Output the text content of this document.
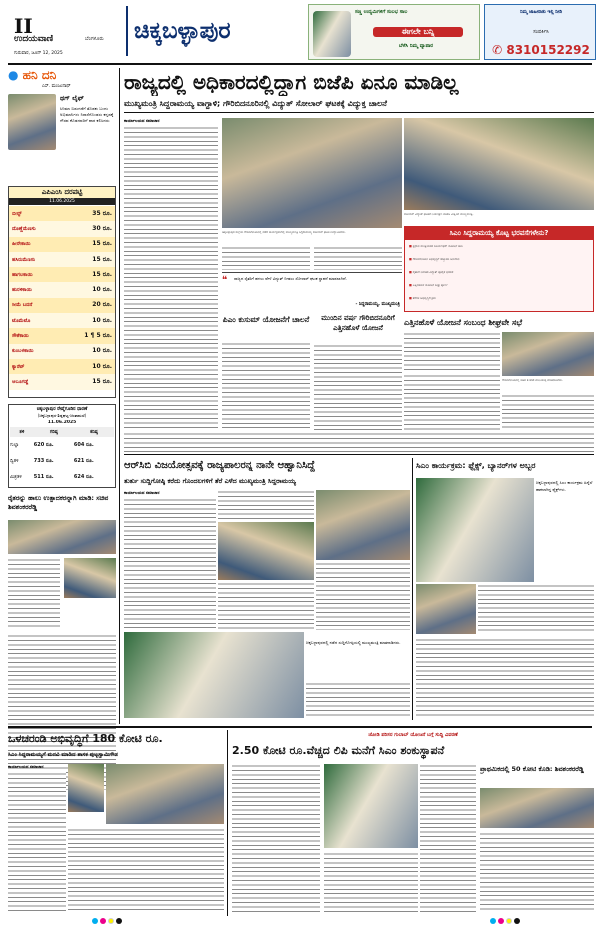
II
ಉದಯವಾಣಿ	ಬೆಂಗಳೂರು
ಗುರುವಾರ, ಜೂನ್ 12, 2025
ಚಿಕ್ಕಬಳ್ಳಾಪುರ
ಸಣ್ಣ ಉದ್ಯಮಿಗಳಿಗೆ ಸುಲಭ ಸಾಲ
ಈಗಲೇ ಬನ್ನಿ
ಬೆಳೆಸಿ ನಿಮ್ಮ ವ್ಯಾಪಾರ
ನಿಮ್ಮ ಜಾಹೀರಾತು ಇಲ್ಲಿ ನೀಡಿ
ಸಂಪರ್ಕಿಸಿ
✆ 8310152292
● ಹನಿ ದನಿ
ಎಸ್. ಮಂಜುನಾಥ್
ಥಗ್ ಲೈಫ್
ಸಿನಿಮಾ ಬಿಡುಗಡೆಗೆ ತೊಡಕು ಬಂದು ಅಭಿಮಾನಿಗಳು ನಿರಾಸೆಗೊಂಡರು ಕನ್ನಡಕ್ಕೆ ಗೌರವ ಕೊಡದವರಿಗೆ ಪಾಠ ಕಲಿಸಿದರು
ಎಪಿಎಂಸಿ ದರಪಟ್ಟಿ
11.06.2025
ಬೀನ್ಸ್	35 ರೂ.
ದೊಣ್ಣೆಮೆಣಸು	30 ರೂ.
ಹೀರೇಕಾಯಿ	15 ರೂ.
ಹಸಿರುಮೆಣಸು	15 ರೂ.
ಹಾಗಲಕಾಯಿ	15 ರೂ.
ಹುರಳಿಕಾಯಿ	10 ರೂ.
ಸೀಮೆ ಬದನೆ	20 ರೂ.
ಟೊಮೆಟೊ	10 ರೂ.
ಸೌತೆಕಾಯಿ	1 ¶ 5 ರೂ.
ಕುಂಬಳಕಾಯಿ	10 ರೂ.
ಕ್ಯಾರೆಟ್	10 ರೂ.
ಆಲೂಗಡ್ಡೆ	15 ರೂ.
ಚಿಕ್ಕಬಳ್ಳಾಪುರ ರೇಷ್ಮೆಗೂಡಿನ ಧಾರಣೆ
(ಚಿಕ್ಕಬಳ್ಳಾಪುರ-ಶಿಡ್ಲಘಟ್ಟ-ಚಿಂತಾಮಣಿ)
11.06.2025
ತಳಿ	ಗರಿಷ್ಠ	ಕನಿಷ್ಠ
ಗುಲ್ಲಾ	620 ರೂ.	604 ರೂ.
ದ್ವಿತಳಿ	733 ರೂ.	621 ರೂ.
ಮಿಶ್ರತಳಿ	511 ರೂ.	624 ರೂ.
ರೈತರನ್ನು ಹಾಲು ಉತ್ಪಾದಕರನ್ನಾಗಿ ಮಾಡಿ: ಸಚಿವ ಶಿವಶಂಕರರೆಡ್ಡಿ
ರಾಜ್ಯದಲ್ಲಿ ಅಧಿಕಾರದಲ್ಲಿದ್ದಾಗ ಬಿಜೆಪಿ ಏನೂ ಮಾಡಿಲ್ಲ
ಮುಖ್ಯಮಂತ್ರಿ ಸಿದ್ದರಾಮಯ್ಯ ವಾಗ್ದಾಳಿ; ಗೌರಿಬಿದನೂರಿನಲ್ಲಿ ವಿದ್ಯುತ್ ಸೋಲಾರ್ ಘಟಕಕ್ಕೆ ವಿದ್ಯುಕ್ತ ಚಾಲನೆ
ಕಾರ್ಯಾಲಯದ ಸಮಾಚಾರ
ಸೋಲಾರ್ ವಿದ್ಯುತ್ ಘಟಕದ ನಿಯಂತ್ರಣ ಕೊಠಡಿ ವೀಕ್ಷಿಸಿದ ಮುಖ್ಯಮಂತ್ರಿ.
ಚಿಕ್ಕಬಳ್ಳಾಪುರ ಜಿಲ್ಲೆಯ ಗೌರಿಬಿದನೂರಿನಲ್ಲಿ ನಡೆದ ಕಾರ್ಯಕ್ರಮದಲ್ಲಿ ಮುಖ್ಯಮಂತ್ರಿ ಸಿದ್ದರಾಮಯ್ಯ ಸೋಲಾರ್ ಘಟಕ ಉದ್ಘಾಟಿಸಿದರು.
❝ ರಾಜ್ಯದ ರೈತರಿಗೆ ಹಗಲು ವೇಳೆ ವಿದ್ಯುತ್ ನೀಡಲು ಸೋಲಾರ್ ಘಟಕ ಸ್ಥಾಪನೆ ಮಾಡಲಾಗಿದೆ.
- ಸಿದ್ದರಾಮಯ್ಯ, ಮುಖ್ಯಮಂತ್ರಿ
ಸಿಎಂ ಸಿದ್ದರಾಮಯ್ಯ ಕೊಟ್ಟ ಭರವಸೆಗಳೇನು?
■ ಪ್ರಧಾನ ಮಂತ್ರಿಯವರ ಸೂರ್ಯಘರ್ ಯೋಜನೆ ಜಾರಿ
■ ಗೌರಿಬಿದನೂರಿನ ಅಭಿವೃದ್ಧಿಗೆ ಹೆಚ್ಚುವರಿ ಅನುದಾನ
■ ರೈತರಿಗೆ ನಿರಂತರ ವಿದ್ಯುತ್ ಪೂರೈಕೆ ಭರವಸೆ
■ ಎತ್ತಿನಹೊಳೆ ಯೋಜನೆ ಶೀಘ್ರ ಪೂರ್ಣ
■ ಕೆರೆಗಳ ಅಭಿವೃದ್ಧಿಗೆ ಕ್ರಮ
ಪಿಎಂ ಕುಸುಮ್ ಯೋಜನೆಗೆ ಚಾಲನೆ	ಮುಂದಿನ ವರ್ಷ ಗೌರಿಬಿದನೂರಿಗೆ ಎತ್ತಿನಹೊಳೆ ಯೋಜನೆ
ಎತ್ತಿನಹೊಳೆ ಯೋಜನೆ ಸಂಬಂಧ ಶೀಘ್ರವೇ ಸಭೆ
ಗೌರಿಬಿದನೂರಿನಲ್ಲಿ ಸಚಿವ ಕೆ.ಹೆಚ್.ಮುನಿಯಪ್ಪ ಮಾತನಾಡಿದರು.
ಆರ್‌ಸಿಬಿ ವಿಜಯೋತ್ಸವಕ್ಕೆ ರಾಜ್ಯಪಾಲರನ್ನ ನಾನೇ ಆಹ್ವಾನಿಸಿದ್ದೆ
ತುರ್ತು ಸುದ್ದಿಗೋಷ್ಠಿ ಕರೆದು ಗೊಂದಲಗಳಿಗೆ ತೆರೆ ಎಳೆದ ಮುಖ್ಯಮಂತ್ರಿ ಸಿದ್ದರಾಮಯ್ಯ
ಕಾರ್ಯಾಲಯದ ಸಮಾಚಾರ
ಚಿಕ್ಕಬಳ್ಳಾಪುರದಲ್ಲಿ ನಡೆದ ಸುದ್ದಿಗೋಷ್ಠಿಯಲ್ಲಿ ಮುಖ್ಯಮಂತ್ರಿ ಮಾತನಾಡಿದರು.
ಸಿಎಂ ಕಾರ್ಯಕ್ರಮ: ಫ್ಲೆಕ್ಸ್, ಬ್ಯಾನರ್‌ಗಳ ಅಬ್ಬರ
ಚಿಕ್ಕಬಳ್ಳಾಪುರದಲ್ಲಿ ಸಿಎಂ ಕಾರ್ಯಕ್ರಮ ಹಿನ್ನೆಲೆ ಹಾಕಲಾಗಿದ್ದ ಫ್ಲೆಕ್ಸ್‌ಗಳು.
ಒಳಚರಂಡಿ ಅಭಿವೃದ್ಧಿಗೆ 180 ಕೋಟಿ ರೂ.
ಸಿಎಂ ಸಿದ್ದರಾಮಯ್ಯಗೆ ಮನವಿ ಮಾಡಿದ ಶಾಸಕ ಪುಟ್ಟಸ್ವಾಮಿಗೌಡ
ಕಾರ್ಯಾಲಯದ ಸಮಾಚಾರ
ಜೋಡಿ ಪರಿಸರ ಗುಲಾಬ್ ಯೋಜನೆ ಬಗ್ಗೆ ಸುದ್ದಿ ವಿವರಣೆ
2.50 ಕೋಟಿ ರೂ.ವೆಚ್ಚದ ಲಿಪಿ ಮನೆಗೆ ಸಿಎಂ ಶಂಕುಸ್ಥಾಪನೆ
ಪ್ರಾಥಮಿಕದಲ್ಲಿ 50 ಕೋಟಿ ಕೊಡಿ: ಶಿವಶಂಕರರೆಡ್ಡಿ
